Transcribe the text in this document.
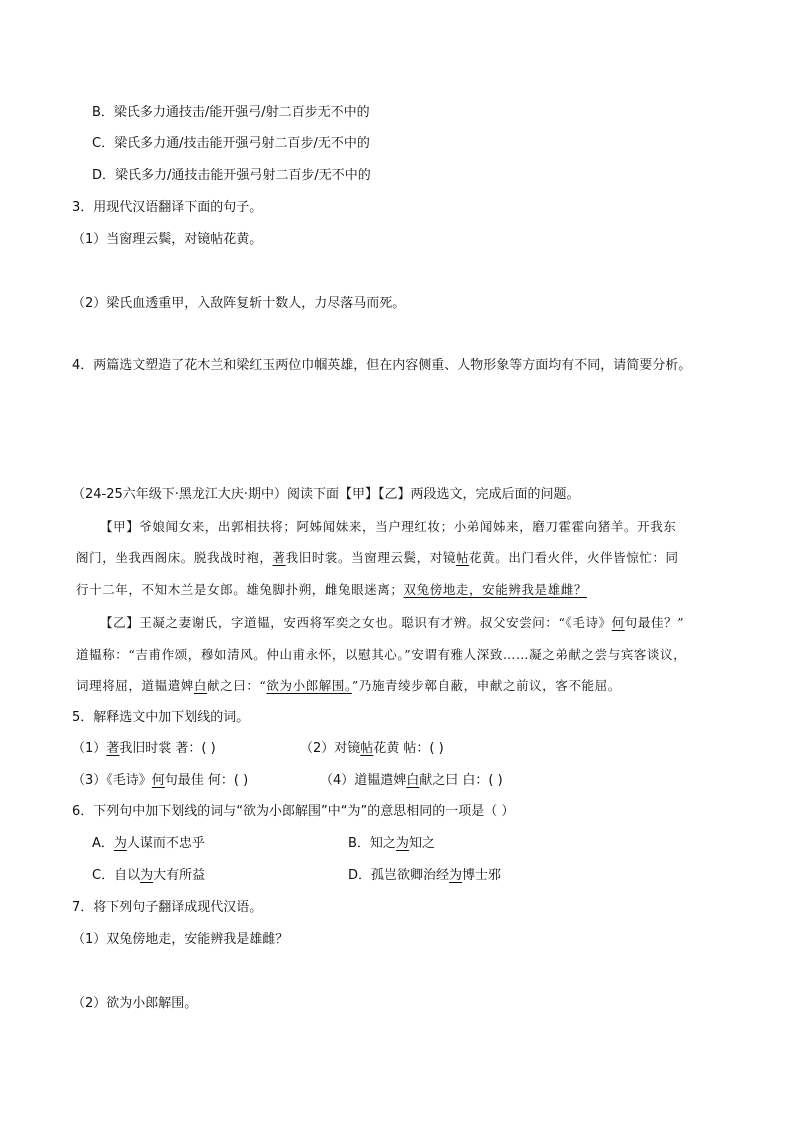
B．梁氏多力通技击/能开强弓/射二百步无不中的
C．梁氏多力通/技击能开强弓射二百步/无不中的
D．梁氏多力/通技击能开强弓射二百步/无不中的
3．用现代汉语翻译下面的句子。
（1）当窗理云鬓，对镜帖花黄。
（2）梁氏血透重甲，入敌阵复斩十数人，力尽落马而死。
4．两篇选文塑造了花木兰和梁红玉两位巾帼英雄，但在内容侧重、人物形象等方面均有不同，请简要分析。
（24-25六年级下·黑龙江大庆·期中）阅读下面【甲】【乙】两段选文，完成后面的问题。
【甲】爷娘闻女来，出郭相扶将；阿姊闻妹来，当户理红妆；小弟闻姊来，磨刀霍霍向猪羊。开我东
阁门，坐我西阁床。脱我战时袍，著我旧时裳。当窗理云鬓，对镜帖花黄。出门看火伴，火伴皆惊忙：同
行十二年，不知木兰是女郎。雄兔脚扑朔，雌兔眼迷离；双兔傍地走，安能辨我是雄雌？
【乙】王凝之妻谢氏，字道韫，安西将军奕之女也。聪识有才辨。叔父安尝问：“《毛诗》何句最佳？”
道韫称：“吉甫作颂，穆如清风。仲山甫永怀，以慰其心。”安谓有雅人深致……凝之弟献之尝与宾客谈议，
词理将屈，道韫遣婢白献之曰：“欲为小郎解围。”乃施青绫步鄣自蔽，申献之前议，客不能屈。
5．解释选文中加下划线的词。
（1）著我旧时裳 著：( )	（2）对镜帖花黄 帖：( )
（3）《毛诗》何句最佳 何：( )	（4）道韫遣婢白献之曰 白：( )
6．下列句中加下划线的词与“欲为小郎解围”中“为”的意思相同的一项是（ ）
A．为人谋而不忠乎	B．知之为知之
C．自以为大有所益	D．孤岂欲卿治经为博士邪
7．将下列句子翻译成现代汉语。
（1）双兔傍地走，安能辨我是雄雌？
（2）欲为小郎解围。
